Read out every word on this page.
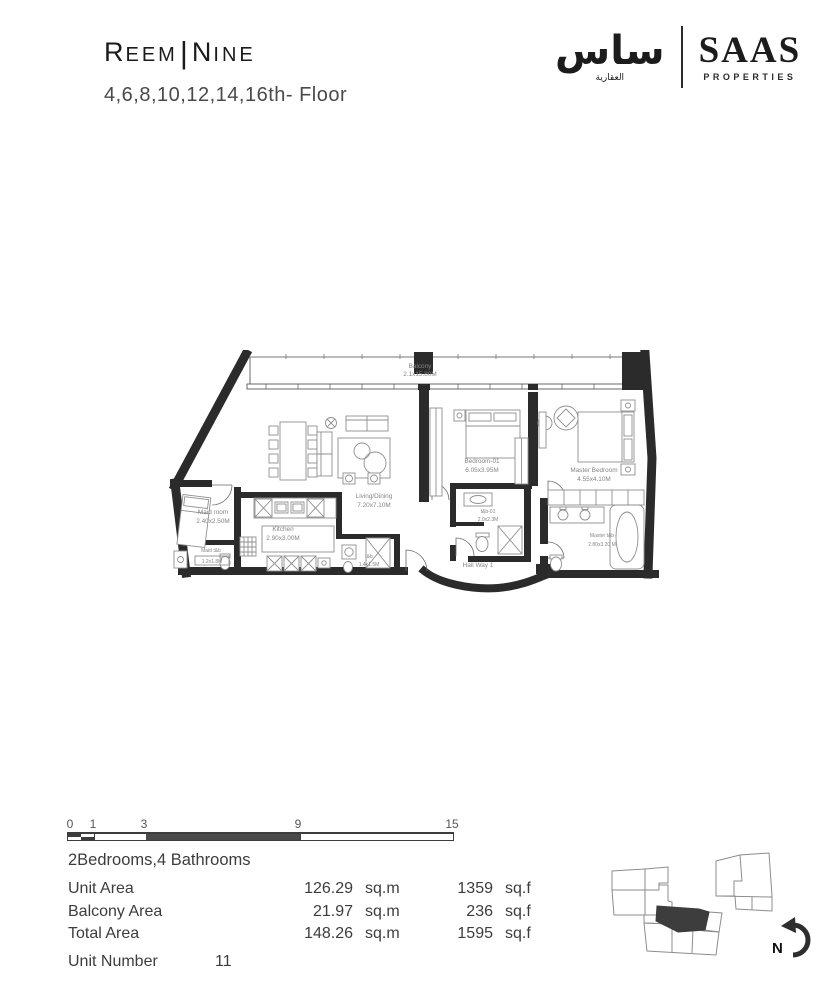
REEM|NINE
4,6,8,10,12,14,16th- Floor
ساس
العقارية
SAAS
PROPERTIES
Balcony
2.1x15.80M
Living/Dining
7.20x7.10M
Kitchen
2.90x3.00M
Maid room
2.40x2.50M
Maid t&b
1.2x1.8M
t&b
1.4x1.5M
t&b-01
2.0x2.3M
Hall Way 1
Bedroom-01
6.05x3.95M	Master Bedroom
4.55x4.10M
Master t&b
2.80x3.20 M
0 1	3	9	15
2Bedrooms,4 Bathrooms
Unit Area	126.29 sq.m	1359 sq.f
Balcony Area	21.97 sq.m	236 sq.f
Total Area	148.26 sq.m	1595 sq.f
Unit Number	11
N
